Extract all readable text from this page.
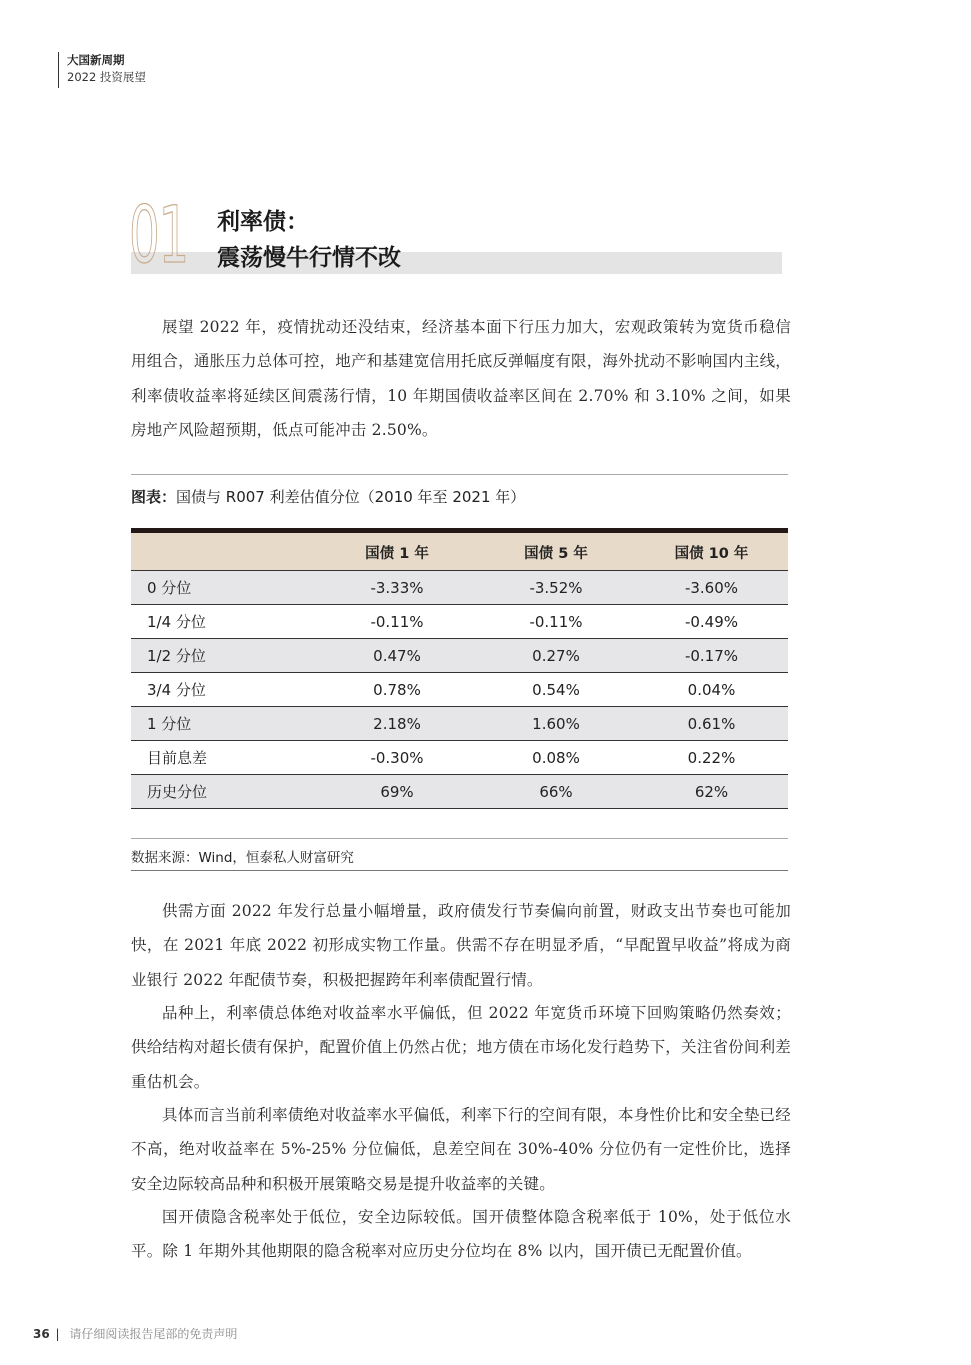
大国新周期
2022 投资展望
01 利率债：
震荡慢牛行情不改
展望 2022 年，疫情扰动还没结束，经济基本面下行压力加大，宏观政策转为宽货币稳信用组合，通胀压力总体可控，地产和基建宽信用托底反弹幅度有限，海外扰动不影响国内主线，利率债收益率将延续区间震荡行情，10 年期国债收益率区间在 2.70% 和 3.10% 之间，如果房地产风险超预期，低点可能冲击 2.50%。
图表：国债与 R007 利差估值分位（2010 年至 2021 年）
	国债 1 年	国债 5 年	国债 10 年
0 分位	-3.33%	-3.52%	-3.60%
1/4 分位	-0.11%	-0.11%	-0.49%
1/2 分位	0.47%	0.27%	-0.17%
3/4 分位	0.78%	0.54%	0.04%
1 分位	2.18%	1.60%	0.61%
目前息差	-0.30%	0.08%	0.22%
历史分位	69%	66%	62%
数据来源：Wind，恒泰私人财富研究
供需方面 2022 年发行总量小幅增量，政府债发行节奏偏向前置，财政支出节奏也可能加快，在 2021 年底 2022 初形成实物工作量。供需不存在明显矛盾，“早配置早收益”将成为商业银行 2022 年配债节奏，积极把握跨年利率债配置行情。
品种上，利率债总体绝对收益率水平偏低，但 2022 年宽货币环境下回购策略仍然奏效；供给结构对超长债有保护，配置价值上仍然占优；地方债在市场化发行趋势下，关注省份间利差重估机会。
具体而言当前利率债绝对收益率水平偏低，利率下行的空间有限，本身性价比和安全垫已经不高，绝对收益率在 5%-25% 分位偏低，息差空间在 30%-40% 分位仍有一定性价比，选择安全边际较高品种和积极开展策略交易是提升收益率的关键。
国开债隐含税率处于低位，安全边际较低。国开债整体隐含税率低于 10%，处于低位水平。除 1 年期外其他期限的隐含税率对应历史分位均在 8% 以内，国开债已无配置价值。
36 | 请仔细阅读报告尾部的免责声明
